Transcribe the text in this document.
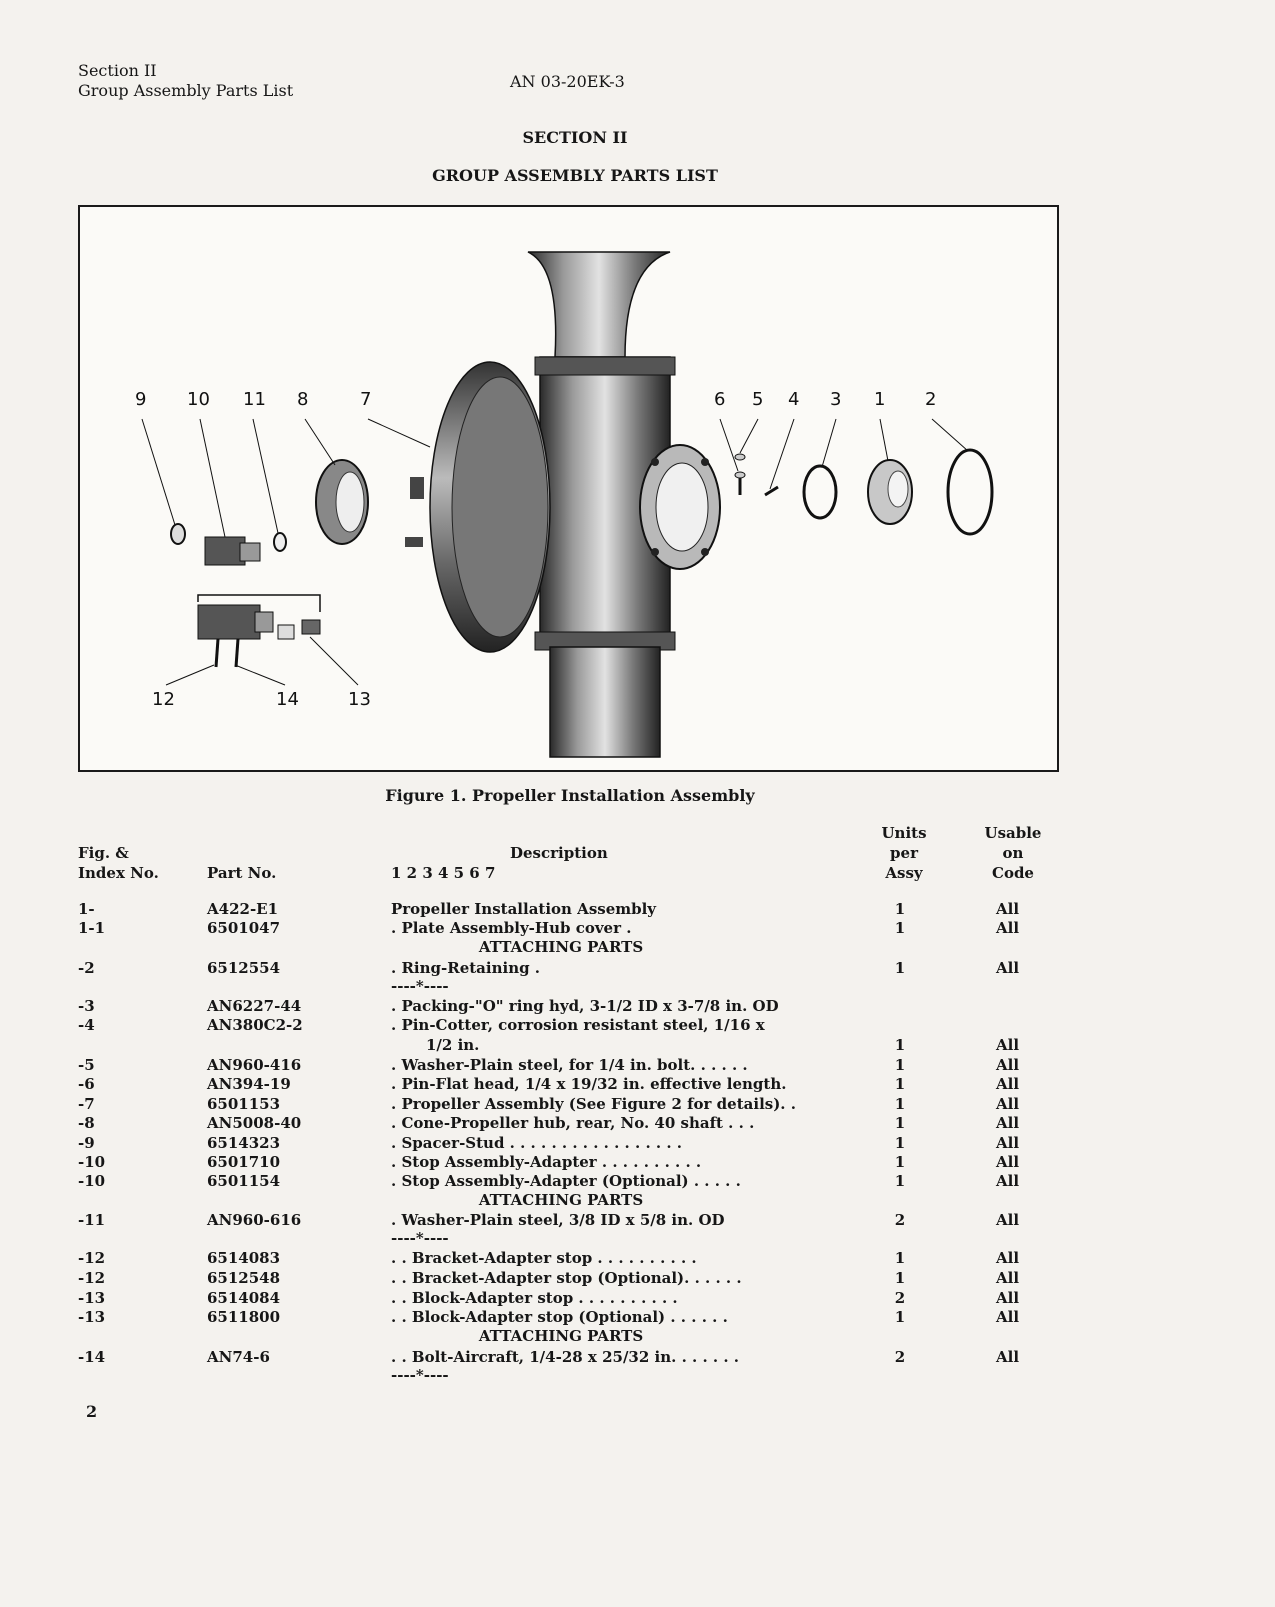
Section II
Group Assembly Parts List	AN 03-20EK-3
SECTION II
GROUP ASSEMBLY PARTS LIST
9 10 11 8	7	6 5 4 3 1 2
12	14	13
Figure 1. Propeller Installation Assembly
Fig. &
Index No.	Part No.
Description
1 2 3 4 5 6 7
Units
per
Assy
Usable
on
Code
1-	A422-E1	Propeller Installation Assembly	1	All
1-1	6501047	. Plate Assembly-Hub cover .	1	All
ATTACHING PARTS
-2	6512554	. Ring-Retaining .	1	All
----*----
-3	AN6227-44	. Packing-"O" ring hyd, 3-1/2 ID x 3-7/8 in. OD
-4	AN380C2-2	. Pin-Cotter, corrosion resistant steel, 1/16 x
1/2 in.	1	All
-5	AN960-416	. Washer-Plain steel, for 1/4 in. bolt. . . . . .	1	All
-6	AN394-19	. Pin-Flat head, 1/4 x 19/32 in. effective length.	1	All
-7	6501153	. Propeller Assembly (See Figure 2 for details). .	1	All
-8	AN5008-40	. Cone-Propeller hub, rear, No. 40 shaft . . .	1	All
-9	6514323	. Spacer-Stud . . . . . . . . . . . . . . . . .	1	All
-10	6501710	. Stop Assembly-Adapter . . . . . . . . . .	1	All
-10	6501154	. Stop Assembly-Adapter (Optional) . . . . .	1	All
ATTACHING PARTS
-11	AN960-616	. Washer-Plain steel, 3/8 ID x 5/8 in. OD	2	All
----*----
-12	6514083	. . Bracket-Adapter stop . . . . . . . . . .	1	All
-12	6512548	. . Bracket-Adapter stop (Optional). . . . . .	1	All
-13	6514084	. . Block-Adapter stop . . . . . . . . . .	2	All
-13	6511800	. . Block-Adapter stop (Optional) . . . . . .	1	All
ATTACHING PARTS
-14	AN74-6	. . Bolt-Aircraft, 1/4-28 x 25/32 in. . . . . . .	2	All
----*----
2
